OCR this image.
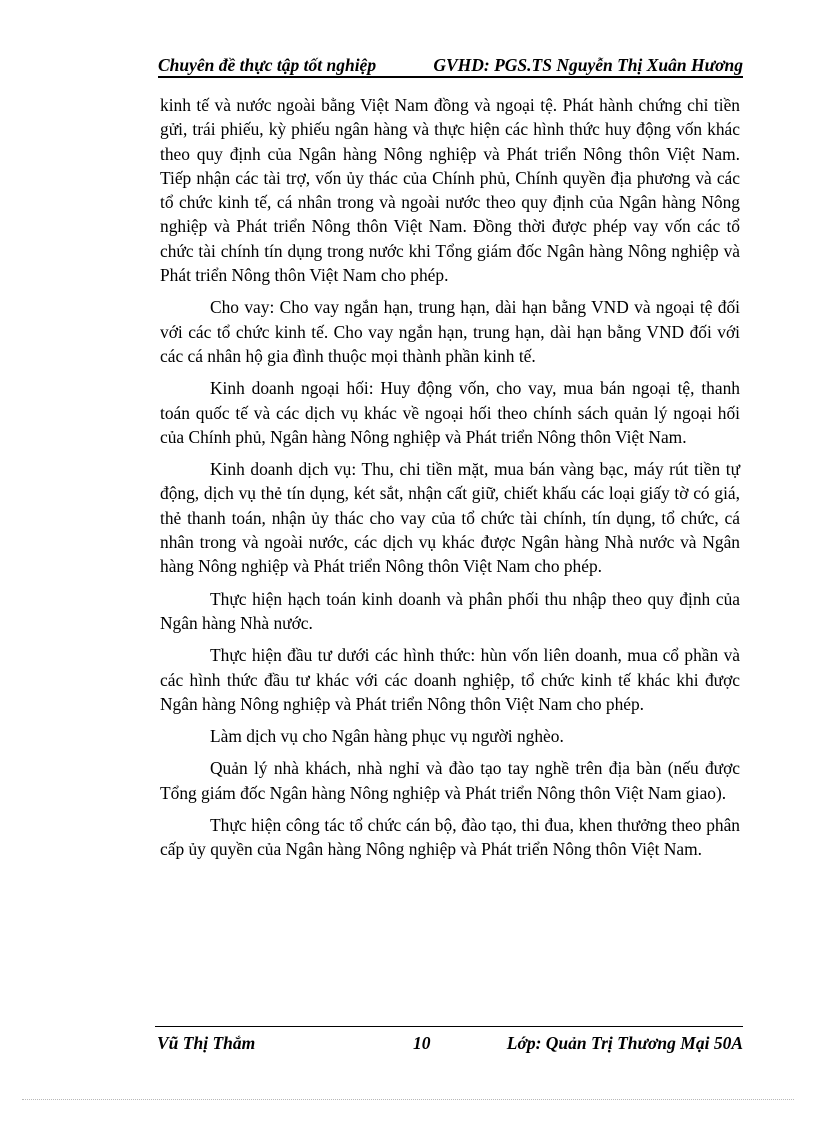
Chuyên đề thực tập tốt nghiệp	GVHD: PGS.TS Nguyễn Thị Xuân Hương

kinh tế và nước ngoài bằng Việt Nam đồng và ngoại tệ. Phát hành chứng chỉ tiền gửi, trái phiếu, kỳ phiếu ngân hàng và thực hiện các hình thức huy động vốn khác theo quy định của Ngân hàng Nông nghiệp và Phát triển Nông thôn Việt Nam. Tiếp nhận các tài trợ, vốn ủy thác của Chính phủ, Chính quyền địa phương và các tổ chức kinh tế, cá nhân trong và ngoài nước theo quy định của Ngân hàng Nông nghiệp và Phát triển Nông thôn Việt Nam. Đồng thời được phép vay vốn các tổ chức tài chính tín dụng trong nước khi Tổng giám đốc Ngân hàng Nông nghiệp và Phát triển Nông thôn Việt Nam cho phép.

Cho vay: Cho vay ngắn hạn, trung hạn, dài hạn bằng VND và ngoại tệ đối với các tổ chức kinh tế. Cho vay ngắn hạn, trung hạn, dài hạn bằng VND đối với các cá nhân hộ gia đình thuộc mọi thành phần kinh tế.

Kinh doanh ngoại hối: Huy động vốn, cho vay, mua bán ngoại tệ, thanh toán quốc tế và các dịch vụ khác về ngoại hối theo chính sách quản lý ngoại hối của Chính phủ, Ngân hàng Nông nghiệp và Phát triển Nông thôn Việt Nam.

Kinh doanh dịch vụ: Thu, chi tiền mặt, mua bán vàng bạc, máy rút tiền tự động, dịch vụ thẻ tín dụng, két sắt, nhận cất giữ, chiết khấu các loại giấy tờ có giá, thẻ thanh toán, nhận ủy thác cho vay của tổ chức tài chính, tín dụng, tổ chức, cá nhân trong và ngoài nước, các dịch vụ khác được Ngân hàng Nhà nước và Ngân hàng Nông nghiệp và Phát triển Nông thôn Việt Nam cho phép.

Thực hiện hạch toán kinh doanh và phân phối thu nhập theo quy định của Ngân hàng Nhà nước.

Thực hiện đầu tư dưới các hình thức: hùn vốn liên doanh, mua cổ phần và các hình thức đầu tư khác với các doanh nghiệp, tổ chức kinh tế khác khi được Ngân hàng Nông nghiệp và Phát triển Nông thôn Việt Nam cho phép.

Làm dịch vụ cho Ngân hàng phục vụ người nghèo.

Quản lý nhà khách, nhà nghỉ và đào tạo tay nghề trên địa bàn (nếu được Tổng giám đốc Ngân hàng Nông nghiệp và Phát triển Nông thôn Việt Nam giao).

Thực hiện công tác tổ chức cán bộ, đào tạo, thi đua, khen thưởng theo phân cấp ủy quyền của Ngân hàng Nông nghiệp và Phát triển Nông thôn Việt Nam.

Vũ Thị Thắm	10	Lớp: Quản Trị Thương Mại 50A
